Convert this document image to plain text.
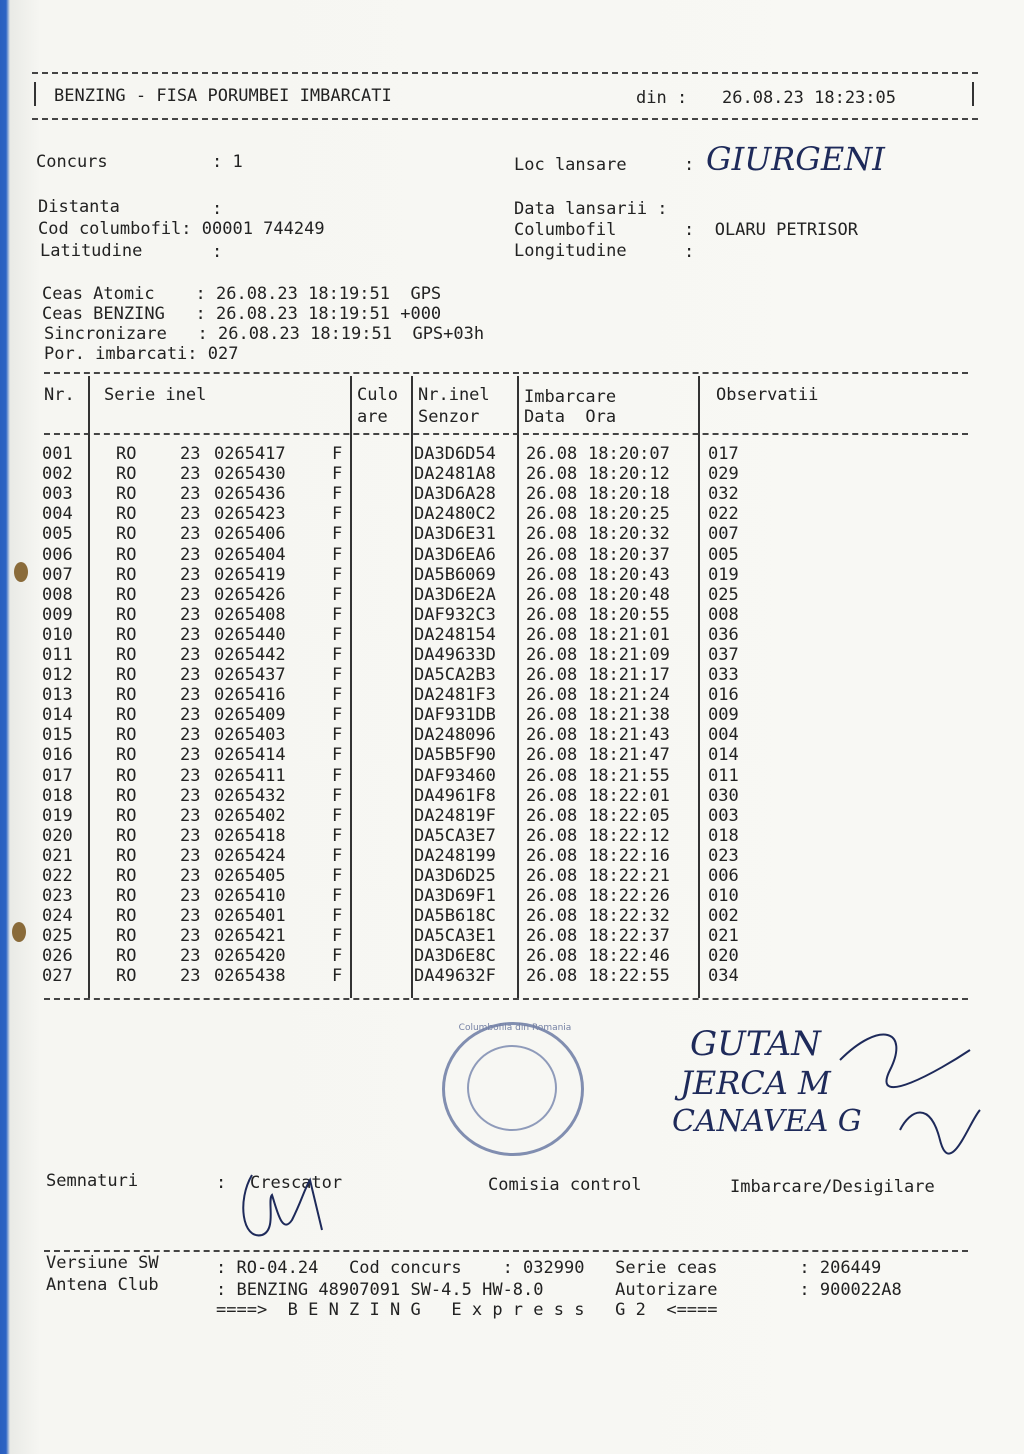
BENZING - FISA PORUMBEI IMBARCATI	din : 26.08.23 18:23:05
Concurs	: 1	Loc lansare	: GIURGENI
Distanta	:	Data lansarii :
Cod columbofil: 00001 744249	Columbofil	:  OLARU PETRISOR
Latitudine	:	Longitudine	:
Ceas Atomic    : 26.08.23 18:19:51  GPS
Ceas BENZING   : 26.08.23 18:19:51 +000
Sincronizare   : 26.08.23 18:19:51  GPS+03h
Por. imbarcati: 027
Nr. Serie inel	Culo
are
Nr.inel
Senzor
Imbarcare
Data  Ora
Observatii
001	RO	23	0265417	F		DA3D6D54	26.08	18:20:07	017
002	RO	23	0265430	F		DA2481A8	26.08	18:20:12	029
003	RO	23	0265436	F		DA3D6A28	26.08	18:20:18	032
004	RO	23	0265423	F		DA2480C2	26.08	18:20:25	022
005	RO	23	0265406	F		DA3D6E31	26.08	18:20:32	007
006	RO	23	0265404	F		DA3D6EA6	26.08	18:20:37	005
007	RO	23	0265419	F		DA5B6069	26.08	18:20:43	019
008	RO	23	0265426	F		DA3D6E2A	26.08	18:20:48	025
009	RO	23	0265408	F		DAF932C3	26.08	18:20:55	008
010	RO	23	0265440	F		DA248154	26.08	18:21:01	036
011	RO	23	0265442	F		DA49633D	26.08	18:21:09	037
012	RO	23	0265437	F		DA5CA2B3	26.08	18:21:17	033
013	RO	23	0265416	F		DA2481F3	26.08	18:21:24	016
014	RO	23	0265409	F		DAF931DB	26.08	18:21:38	009
015	RO	23	0265403	F		DA248096	26.08	18:21:43	004
016	RO	23	0265414	F		DA5B5F90	26.08	18:21:47	014
017	RO	23	0265411	F		DAF93460	26.08	18:21:55	011
018	RO	23	0265432	F		DA4961F8	26.08	18:22:01	030
019	RO	23	0265402	F		DA24819F	26.08	18:22:05	003
020	RO	23	0265418	F		DA5CA3E7	26.08	18:22:12	018
021	RO	23	0265424	F		DA248199	26.08	18:22:16	023
022	RO	23	0265405	F		DA3D6D25	26.08	18:22:21	006
023	RO	23	0265410	F		DA3D69F1	26.08	18:22:26	010
024	RO	23	0265401	F		DA5B618C	26.08	18:22:32	002
025	RO	23	0265421	F		DA5CA3E1	26.08	18:22:37	021
026	RO	23	0265420	F		DA3D6E8C	26.08	18:22:46	020
027	RO	23	0265438	F		DA49632F	26.08	18:22:55	034
Columbofila din Romania	GUTAN
JERCA M
CANAVEA G
Semnaturi	: Crescator	Comisia control	Imbarcare/Desigilare
Versiune SW
Antena Club
: RO-04.24   Cod concurs    : 032990   Serie ceas        : 206449
: BENZING 48907091 SW-4.5 HW-8.0       Autorizare        : 900022A8
====>  B E N Z I N G   E x p r e s s   G 2  <====
